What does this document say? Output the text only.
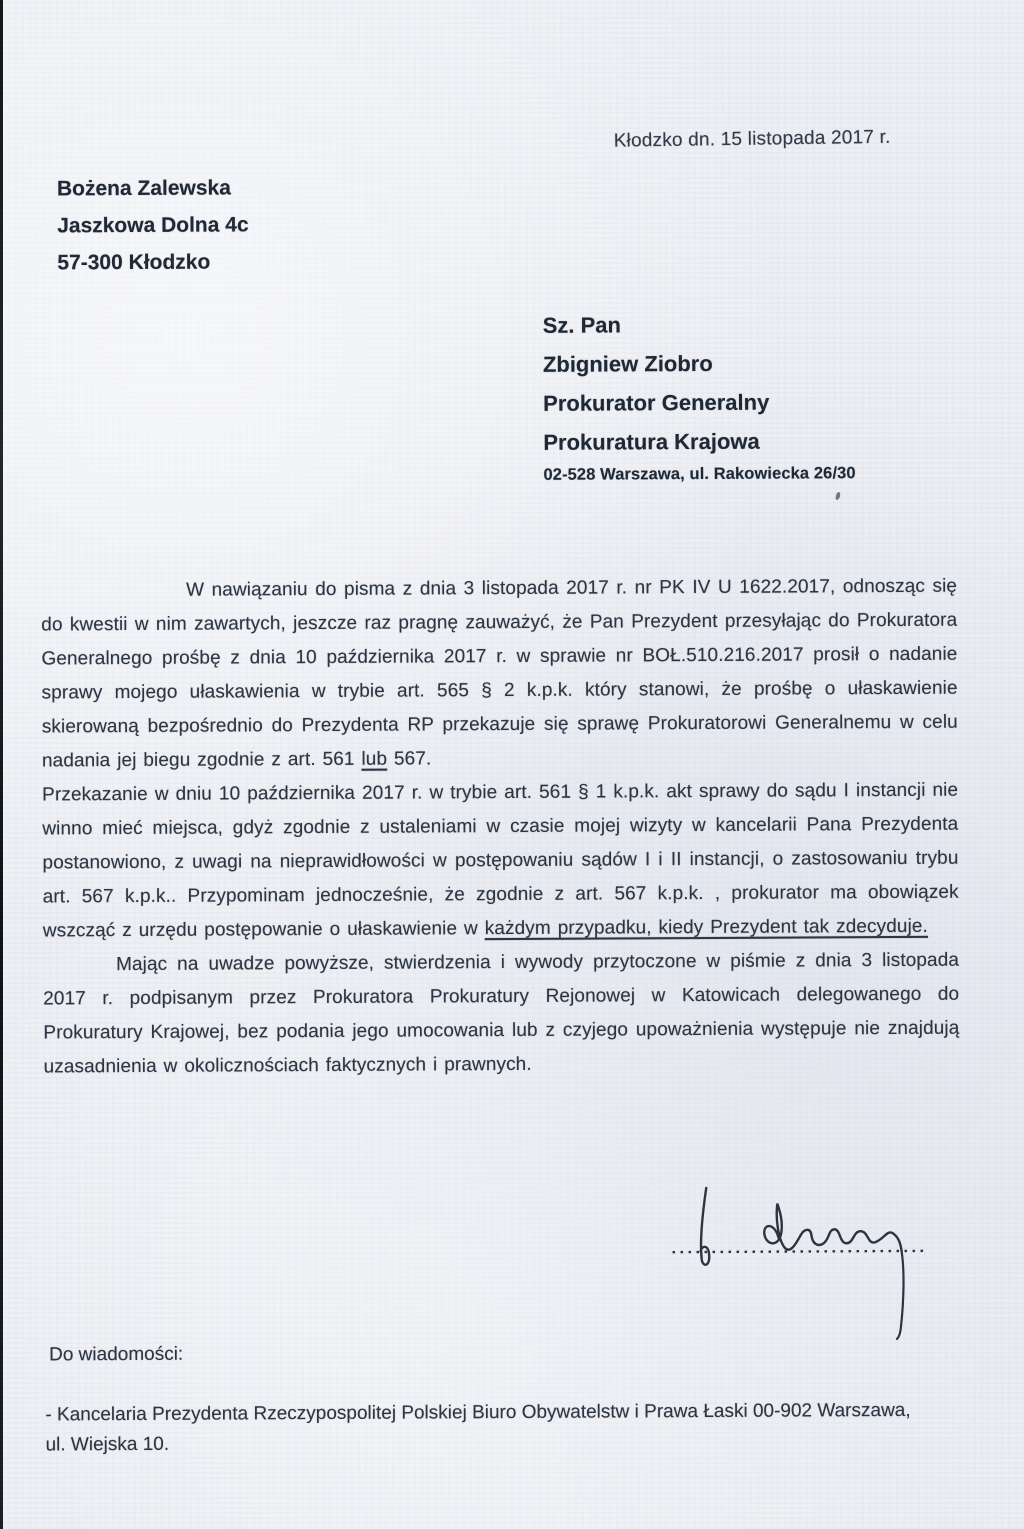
Kłodzko dn. 15 listopada 2017 r.
Bożena Zalewska
Jaszkowa Dolna 4c
57-300 Kłodzko
Sz. Pan
Zbigniew Ziobro
Prokurator Generalny
Prokuratura Krajowa
02-528 Warszawa, ul. Rakowiecka 26/30

W nawiązaniu do pisma z dnia 3 listopada 2017 r. nr PK IV U 1622.2017, odnosząc się do kwestii w nim zawartych, jeszcze raz pragnę zauważyć, że Pan Prezydent przesyłając do Prokuratora Generalnego prośbę z dnia 10 października 2017 r. w sprawie nr BOŁ.510.216.2017 prosił o nadanie sprawy mojego ułaskawienia w trybie art. 565 § 2 k.p.k. który stanowi, że prośbę o ułaskawienie skierowaną bezpośrednio do Prezydenta RP przekazuje się sprawę Prokuratorowi Generalnemu w celu nadania jej biegu zgodnie z art. 561 lub 567.

Przekazanie w dniu 10 października 2017 r. w trybie art. 561 § 1 k.p.k. akt sprawy do sądu I instancji nie winno mieć miejsca, gdyż zgodnie z ustaleniami w czasie mojej wizyty w kancelarii Pana Prezydenta postanowiono, z uwagi na nieprawidłowości w postępowaniu sądów I i II instancji, o zastosowaniu trybu art. 567 k.p.k.. Przypominam jednocześnie, że zgodnie z art. 567 k.p.k. , prokurator ma obowiązek wszcząć z urzędu postępowanie o ułaskawienie w każdym przypadku, kiedy Prezydent tak zdecyduje.

Mając na uwadze powyższe, stwierdzenia i wywody przytoczone w piśmie z dnia 3 listopada 2017 r. podpisanym przez Prokuratora Prokuratury Rejonowej w Katowicach delegowanego do Prokuratury Krajowej, bez podania jego umocowania lub z czyjego upoważnienia występuje nie znajdują uzasadnienia w okolicznościach faktycznych i prawnych.

Do wiadomości:
- Kancelaria Prezydenta Rzeczypospolitej Polskiej Biuro Obywatelstw i Prawa Łaski 00-902 Warszawa, ul. Wiejska 10.
